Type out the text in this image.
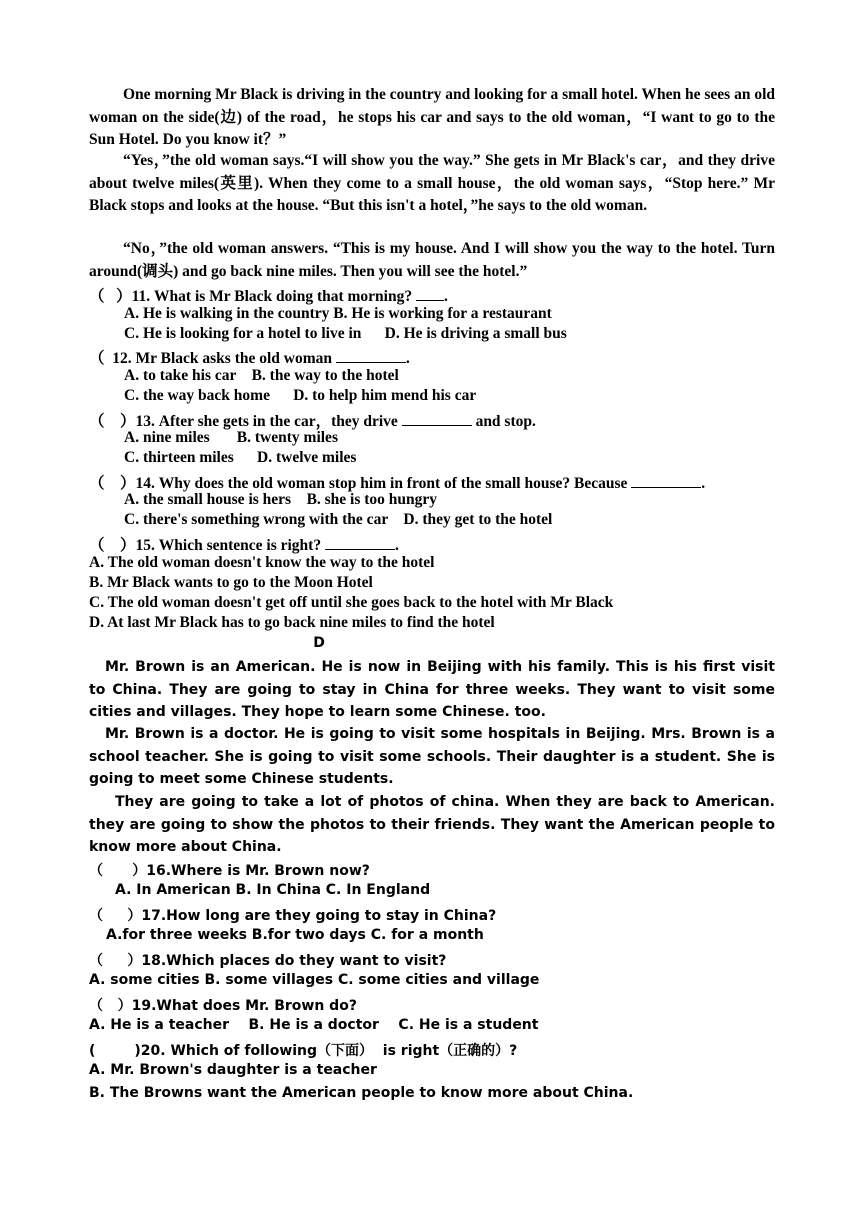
One morning Mr Black is driving in the country and looking for a small hotel. When he sees an old woman on the side(边) of the road，he stops his car and says to the old woman，“I want to go to the Sun Hotel. Do you know it？”

“Yes，”the old woman says.“I will show you the way.” She gets in Mr Black's car，and they drive about twelve miles(英里). When they come to a small house，the old woman says，“Stop here.” Mr Black stops and looks at the house. “But this isn't a hotel，”he says to the old woman.

“No，”the old woman answers. “This is my house. And I will show you the way to the hotel. Turn around(调头) and go back nine miles. Then you will see the hotel.”

（   ）11. What is Mr Black doing that morning? .
A. He is walking in the country B. He is working for a restaurant
C. He is looking for a hotel to live in      D. He is driving a small bus
（  12. Mr Black asks the old woman	.
A. to take his car    B. the way to the hotel
C. the way back home      D. to help him mend his car
（    ）13. After she gets in the car，they drive	and stop.
A. nine miles       B. twenty miles
C. thirteen miles      D. twelve miles
（    ）14. Why does the old woman stop him in front of the small house? Because	.
A. the small house is hers    B. she is too hungry
C. there's something wrong with the car    D. they get to the hotel
（    ）15. Which sentence is right?	.
A. The old woman doesn't know the way to the hotel
B. Mr Black wants to go to the Moon Hotel
C. The old woman doesn't get off until she goes back to the hotel with Mr Black
D. At last Mr Black has to go back nine miles to find the hotel
D

Mr. Brown is an American. He is now in Beijing with his family. This is his first visit to China. They are going to stay in China for three weeks. They want to visit some cities and villages. They hope to learn some Chinese. too.

Mr. Brown is a doctor. He is going to visit some hospitals in Beijing. Mrs. Brown is a school teacher. She is going to visit some schools. Their daughter is a student. She is going to meet some Chinese students.

They are going to take a lot of photos of china. When they are back to American. they are going to show the photos to their friends. They want the American people to know more about China.

（      ）16.Where is Mr. Brown now?
A. In American B. In China C. In England
（     ）17.How long are they going to stay in China?
A.for three weeks B.for two days C. for a month
（     ）18.Which places do they want to visit?
A. some cities B. some villages C. some cities and village
（   ）19.What does Mr. Brown do?
A. He is a teacher    B. He is a doctor    C. He is a student
(        )20. Which of following（下面）  is right（正确的）?
A. Mr. Brown's daughter is a teacher
B. The Browns want the American people to know more about China.
